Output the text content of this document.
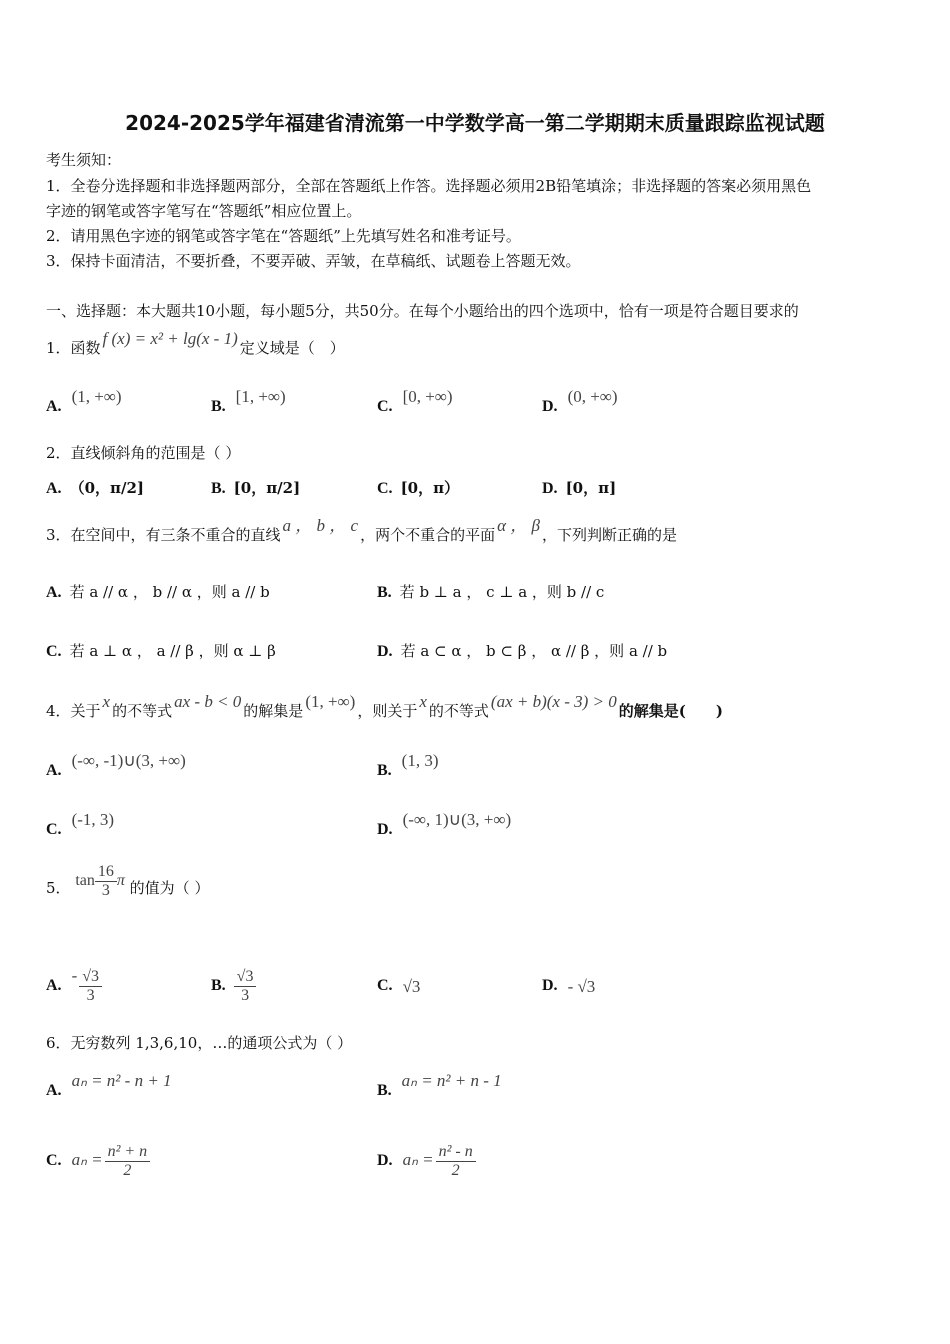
2024-2025学年福建省清流第一中学数学高一第二学期期末质量跟踪监视试题
考生须知：
1．全卷分选择题和非选择题两部分，全部在答题纸上作答。选择题必须用2B铅笔填涂；非选择题的答案必须用黑色
字迹的钢笔或答字笔写在“答题纸”相应位置上。
2．请用黑色字迹的钢笔或答字笔在“答题纸”上先填写姓名和准考证号。
3．保持卡面清洁，不要折叠，不要弄破、弄皱，在草稿纸、试题卷上答题无效。
一、选择题：本大题共10小题，每小题5分，共50分。在每个小题给出的四个选项中，恰有一项是符合题目要求的
1．函数 f (x) = x² + lg(x - 1) 定义域是（　）
A.(1, +∞)
B.[1, +∞)
C.[0, +∞)
D.(0, +∞)
2．直线倾斜角的范围是（ ）
A. （0，π/2]	B. [0，π/2]	C. [0，π）	D. [0，π]
3．在空间中，有三条不重合的直线 a ， b ， c ，两个不重合的平面 α ， β ，下列判断正确的是
A. 若 a // α ， b // α ，则 a // b	B. 若 b ⊥ a ， c ⊥ a ，则 b // c
C. 若 a ⊥ α ， a // β ，则 α ⊥ β	D. 若 a ⊂ α ， b ⊂ β ， α // β ，则 a // b
4．关于 x 的不等式 ax - b < 0 的解集是 (1, +∞) ，则关于 x 的不等式 (ax + b)(x - 3) > 0 的解集是(　　)
A.(-∞, -1)∪(3, +∞)
B.(1, 3)
C.(-1, 3)
D.(-∞, 1)∪(3, +∞)
5． $\tan \frac{16}{3}$ π 的值为（ ）
$A.- \frac{√3}{3}$	B. $\frac{√3}{3}$	C. √3	D. - √3
6．无穷数列 1,3,6,10，…的通项公式为（ ）
A.aₙ = n² - n + 1
B.aₙ = n² + n - 1
C. $a_n = \frac{\text{n² + n}}{2}$	D. $a_n = \frac{\text{n² - n}}{2}$
